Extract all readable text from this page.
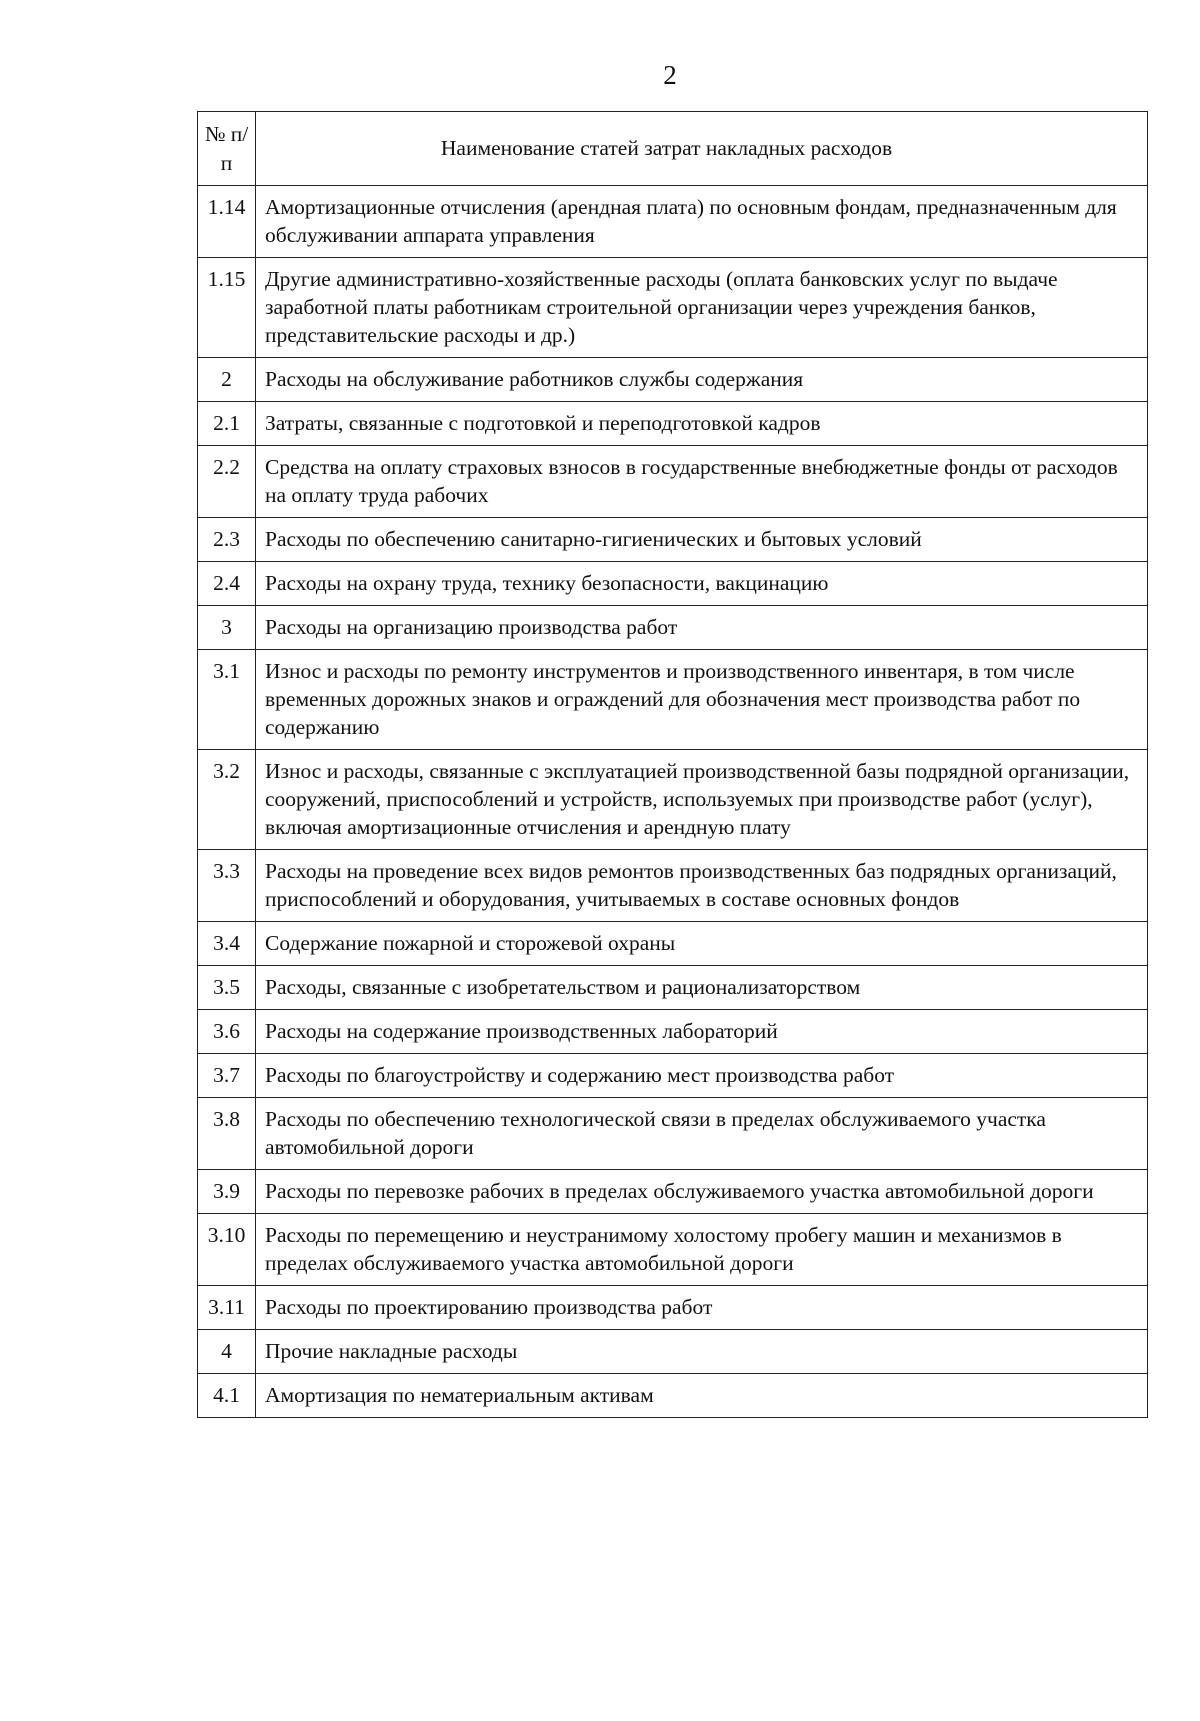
2
№ п/п	Наименование статей затрат накладных расходов
1.14	Амортизационные отчисления (арендная плата) по основным фондам, предназначенным для обслуживании аппарата управления
1.15	Другие административно-хозяйственные расходы (оплата банковских услуг по выдаче заработной платы работникам строительной организации через учреждения банков, представительские расходы и др.)
2	Расходы на обслуживание работников службы содержания
2.1	Затраты, связанные с подготовкой и переподготовкой кадров
2.2	Средства на оплату страховых взносов в государственные внебюджетные фонды от расходов на оплату труда рабочих
2.3	Расходы по обеспечению санитарно-гигиенических и бытовых условий
2.4	Расходы на охрану труда, технику безопасности, вакцинацию
3	Расходы на организацию производства работ
3.1	Износ и расходы по ремонту инструментов и производственного инвентаря, в том числе временных дорожных знаков и ограждений для обозначения мест производства работ по содержанию
3.2	Износ и расходы, связанные с эксплуатацией производственной базы подрядной организации, сооружений, приспособлений и устройств, используемых при производстве работ (услуг), включая амортизационные отчисления и арендную плату
3.3	Расходы на проведение всех видов ремонтов производственных баз подрядных организаций, приспособлений и оборудования, учитываемых в составе основных фондов
3.4	Содержание пожарной и сторожевой охраны
3.5	Расходы, связанные с изобретательством и рационализаторством
3.6	Расходы на содержание производственных лабораторий
3.7	Расходы по благоустройству и содержанию мест производства работ
3.8	Расходы по обеспечению технологической связи в пределах обслуживаемого участка автомобильной дороги
3.9	Расходы по перевозке рабочих в пределах обслуживаемого участка автомобильной дороги
3.10	Расходы по перемещению и неустранимому холостому пробегу машин и механизмов в пределах обслуживаемого участка автомобильной дороги
3.11	Расходы по проектированию производства работ
4	Прочие накладные расходы
4.1	Амортизация по нематериальным активам
